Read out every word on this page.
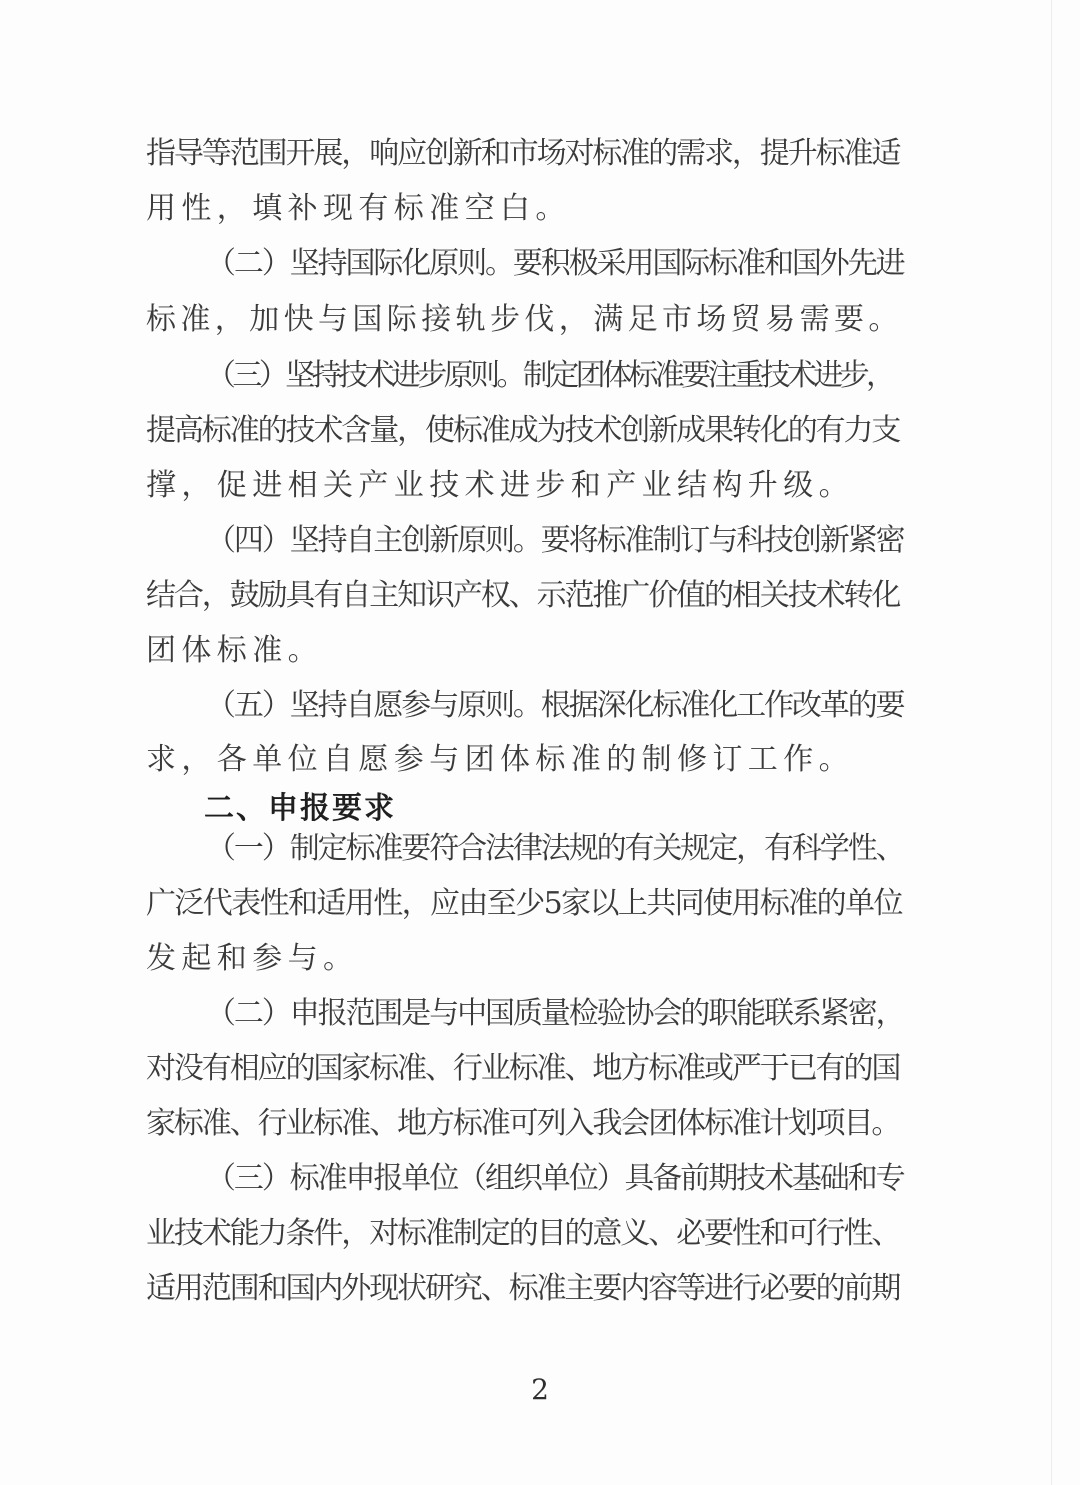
指导等范围开展，响应创新和市场对标准的需求，提升标准适
用性，填补现有标准空白。
（二）坚持国际化原则。要积极采用国际标准和国外先进
标准，加快与国际接轨步伐，满足市场贸易需要。
（三）坚持技术进步原则。制定团体标准要注重技术进步，
提高标准的技术含量，使标准成为技术创新成果转化的有力支
撑，促进相关产业技术进步和产业结构升级。
（四）坚持自主创新原则。要将标准制订与科技创新紧密
结合，鼓励具有自主知识产权、示范推广价值的相关技术转化
团体标准。
（五）坚持自愿参与原则。根据深化标准化工作改革的要
求，各单位自愿参与团体标准的制修订工作。
二、申报要求
（一）制定标准要符合法律法规的有关规定，有科学性、
广泛代表性和适用性，应由至少5家以上共同使用标准的单位
发起和参与。
（二）申报范围是与中国质量检验协会的职能联系紧密，
对没有相应的国家标准、行业标准、地方标准或严于已有的国
家标准、行业标准、地方标准可列入我会团体标准计划项目。
（三）标准申报单位（组织单位）具备前期技术基础和专
业技术能力条件，对标准制定的目的意义、必要性和可行性、
适用范围和国内外现状研究、标准主要内容等进行必要的前期
2
